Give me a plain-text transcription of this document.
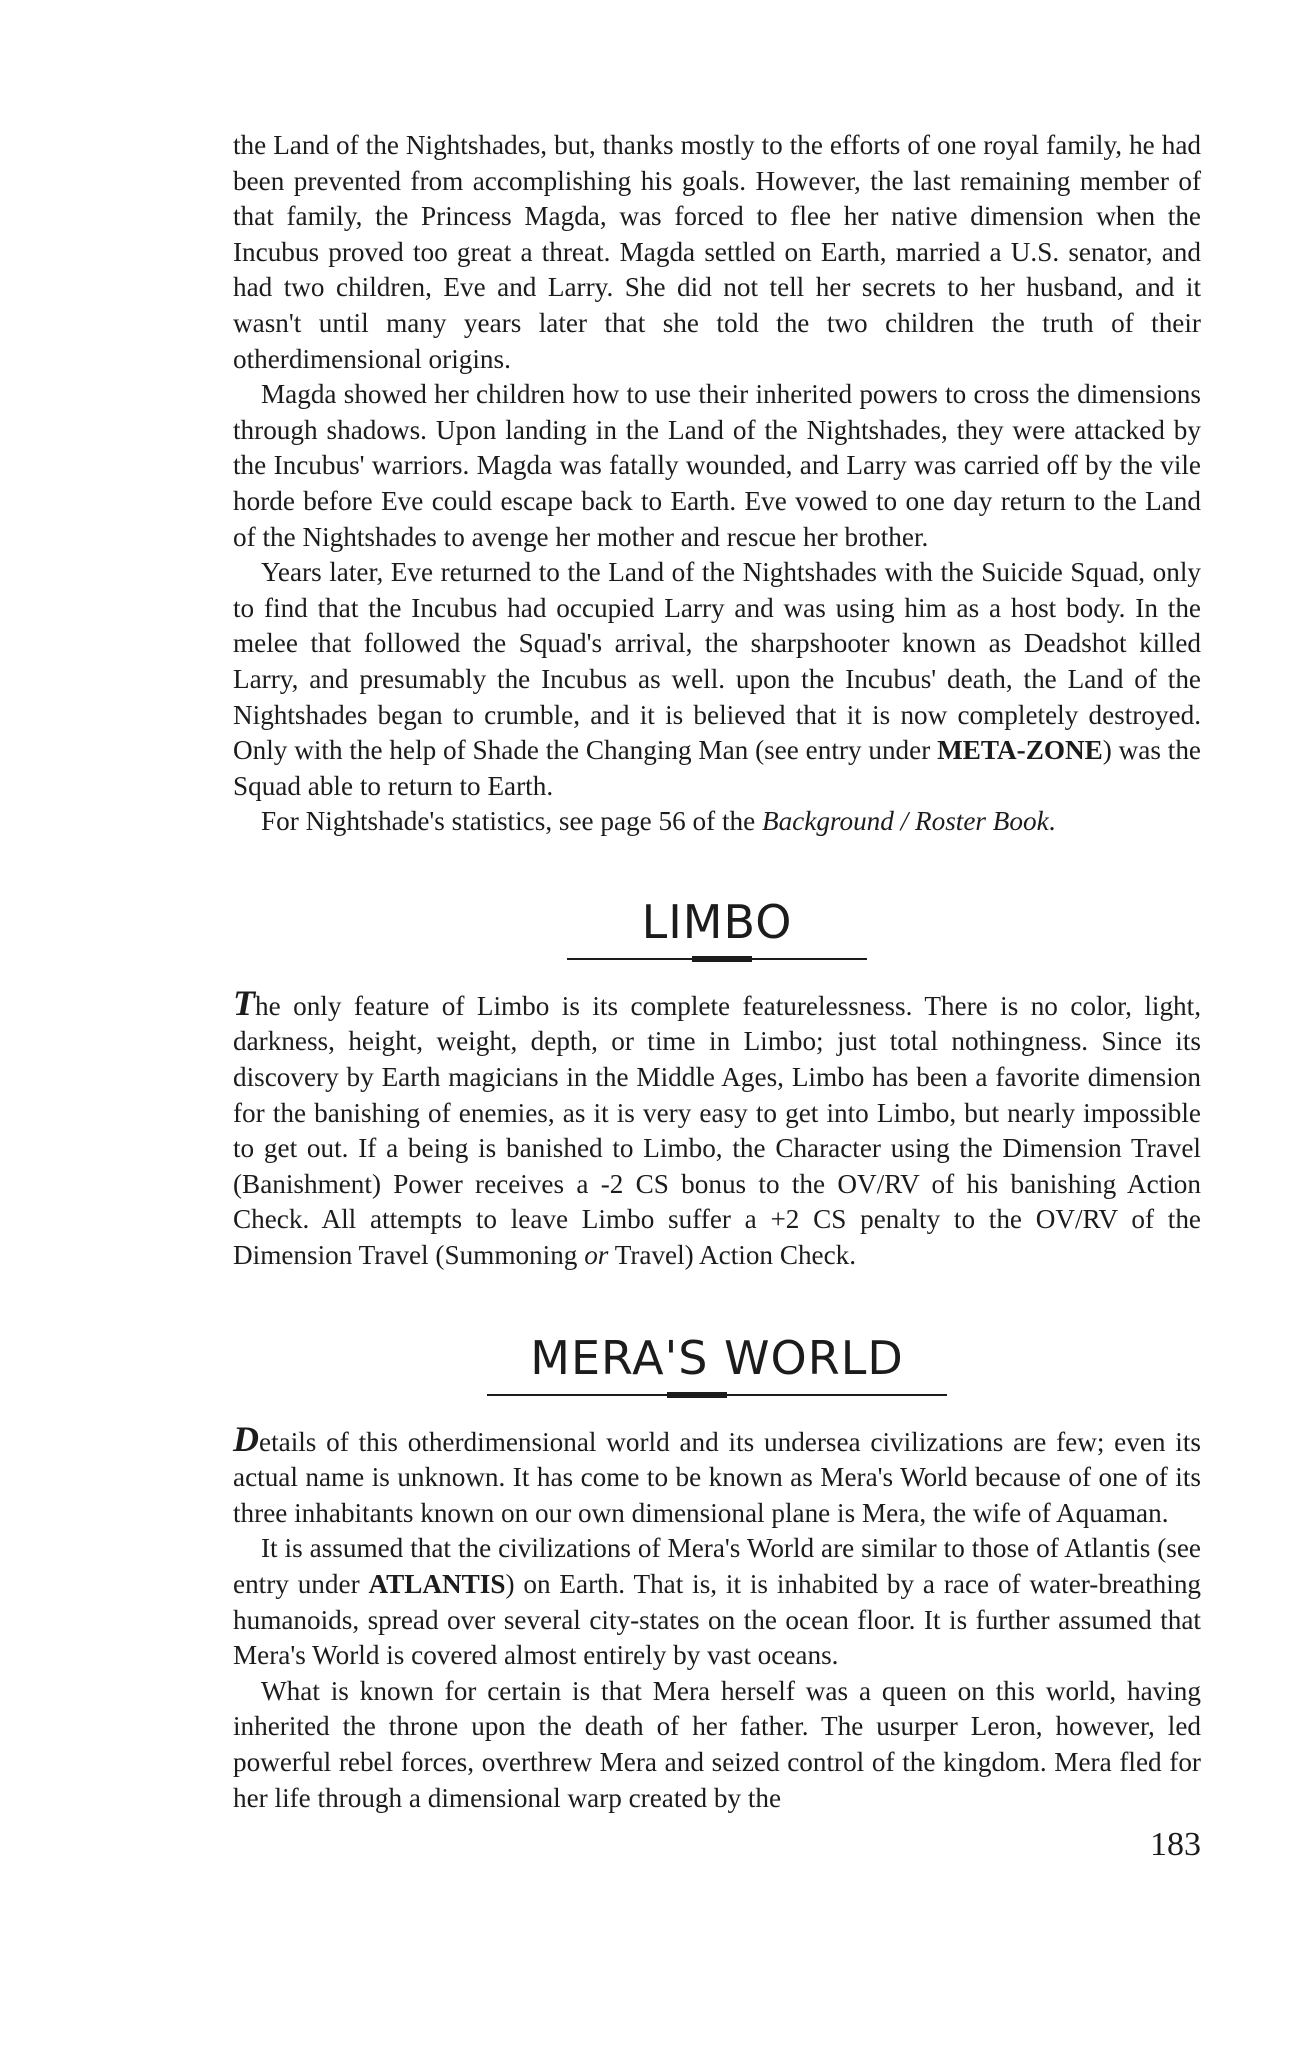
the Land of the Nightshades, but, thanks mostly to the efforts of one royal family, he had been prevented from accomplishing his goals. However, the last remaining member of that family, the Princess Magda, was forced to flee her native dimension when the Incubus proved too great a threat. Magda settled on Earth, married a U.S. senator, and had two children, Eve and Larry. She did not tell her secrets to her husband, and it wasn't until many years later that she told the two children the truth of their otherdimensional origins.

Magda showed her children how to use their inherited powers to cross the dimensions through shadows. Upon landing in the Land of the Nightshades, they were attacked by the Incubus' warriors. Magda was fatally wounded, and Larry was carried off by the vile horde before Eve could escape back to Earth. Eve vowed to one day return to the Land of the Nightshades to avenge her mother and rescue her brother.

Years later, Eve returned to the Land of the Nightshades with the Suicide Squad, only to find that the Incubus had occupied Larry and was using him as a host body. In the melee that followed the Squad's arrival, the sharpshooter known as Deadshot killed Larry, and presumably the Incubus as well. upon the Incubus' death, the Land of the Nightshades began to crumble, and it is believed that it is now completely destroyed. Only with the help of Shade the Changing Man (see entry under META-ZONE) was the Squad able to return to Earth.

For Nightshade's statistics, see page 56 of the Background / Roster Book.

LIMBO

The only feature of Limbo is its complete featurelessness. There is no color, light, darkness, height, weight, depth, or time in Limbo; just total nothingness. Since its discovery by Earth magicians in the Middle Ages, Limbo has been a favorite dimension for the banishing of enemies, as it is very easy to get into Limbo, but nearly impossible to get out. If a being is banished to Limbo, the Character using the Dimension Travel (Banishment) Power receives a -2 CS bonus to the OV/RV of his banishing Action Check. All attempts to leave Limbo suffer a +2 CS penalty to the OV/RV of the Dimension Travel (Summoning or Travel) Action Check.

MERA'S WORLD

Details of this otherdimensional world and its undersea civilizations are few; even its actual name is unknown. It has come to be known as Mera's World because of one of its three inhabitants known on our own dimensional plane is Mera, the wife of Aquaman.

It is assumed that the civilizations of Mera's World are similar to those of Atlantis (see entry under ATLANTIS) on Earth. That is, it is inhabited by a race of water-breathing humanoids, spread over several city-states on the ocean floor. It is further assumed that Mera's World is covered almost entirely by vast oceans.

What is known for certain is that Mera herself was a queen on this world, having inherited the throne upon the death of her father. The usurper Leron, however, led powerful rebel forces, overthrew Mera and seized control of the kingdom. Mera fled for her life through a dimensional warp created by the

183
